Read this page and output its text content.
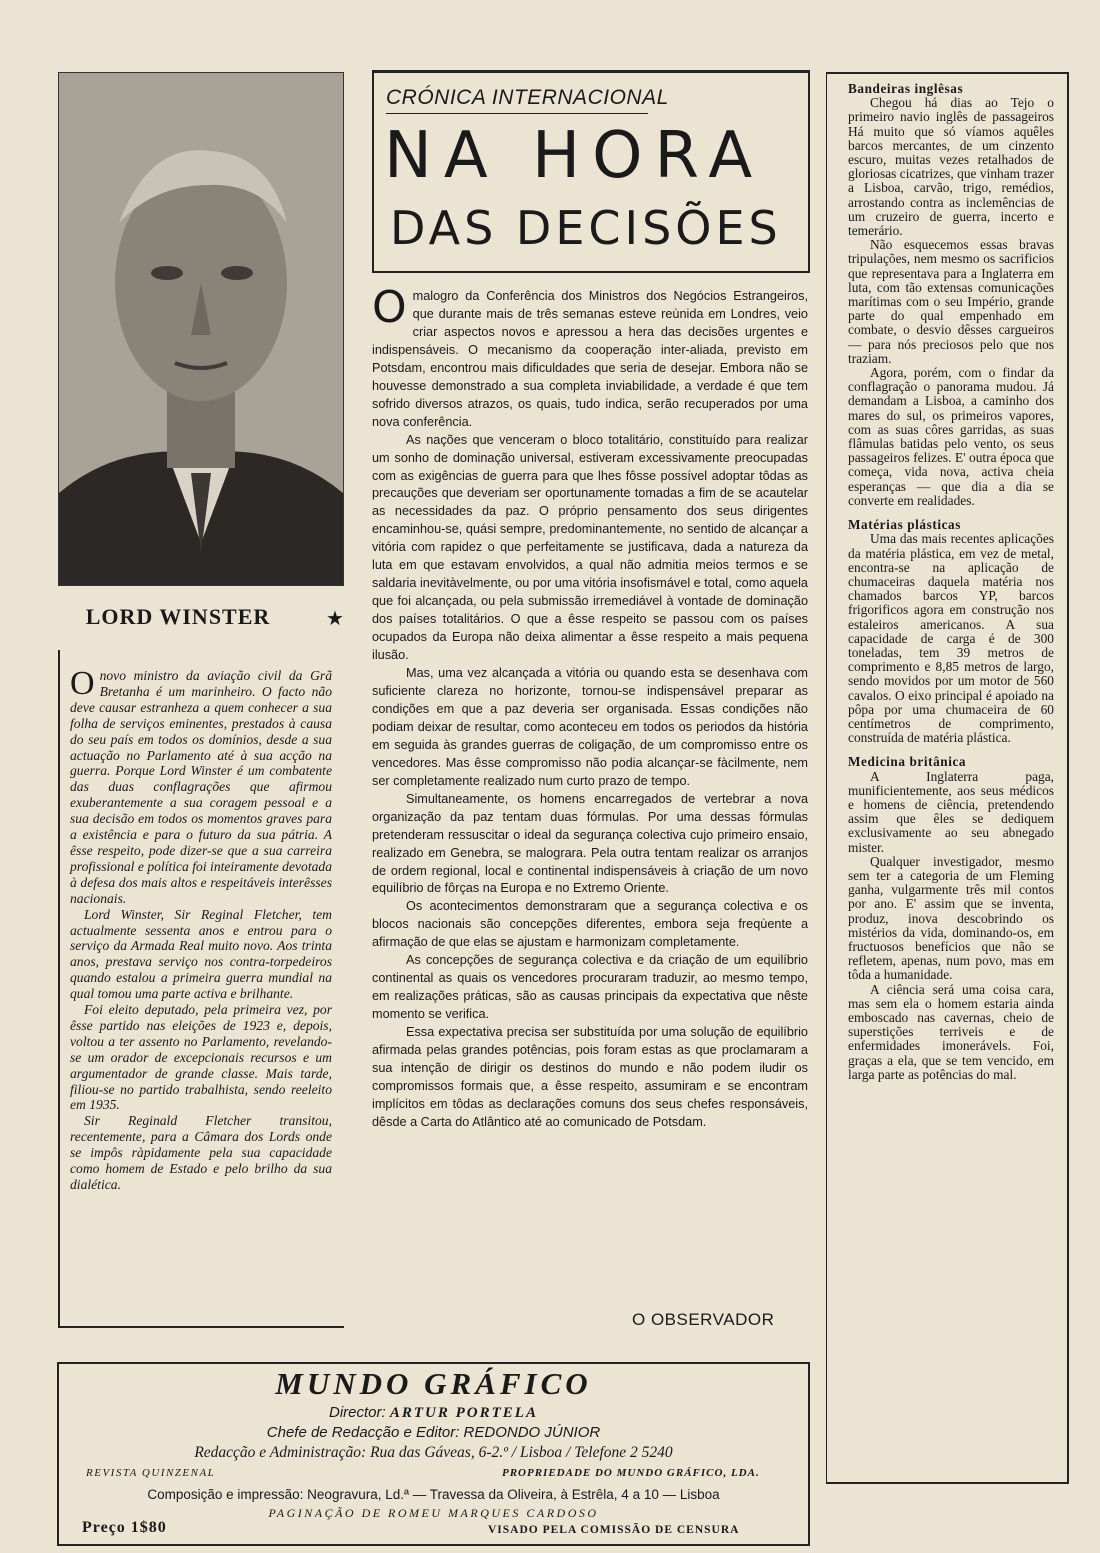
LORD WINSTER	★

Onovo ministro da aviação civil da Grã Bretanha é um marinheiro. O facto não deve causar estranheza a quem conhecer a sua folha de serviços eminentes, prestados à causa do seu país em todos os domínios, desde a sua actuação no Parlamento até à sua acção na guerra. Porque Lord Winster é um combatente das duas conflagrações que afirmou exuberantemente a sua coragem pessoal e a sua decisão em todos os momentos graves para a existência e para o futuro da sua pátria. A êsse respeito, pode dizer-se que a sua carreira profissional e política foi inteiramente devotada à defesa dos mais altos e respeitáveis interêsses nacionais.

Lord Winster, Sir Reginal Fletcher, tem actualmente sessenta anos e entrou para o serviço da Armada Real muito novo. Aos trinta anos, prestava serviço nos contra-torpedeiros quando estalou a primeira guerra mundial na qual tomou uma parte activa e brilhante.

Foi eleito deputado, pela primeira vez, por êsse partido nas eleições de 1923 e, depois, voltou a ter assento no Parlamento, revelando-se um orador de excepcionais recursos e um argumentador de grande classe. Mais tarde, filiou-se no partido trabalhista, sendo reeleito em 1935.

Sir Reginald Fletcher transitou, recentemente, para a Câmara dos Lords onde se impôs ràpidamente pela sua capacidade como homem de Estado e pelo brilho da sua dialética.

CRÓNICA INTERNACIONAL
NA HORA
DAS DECISÕES

Omalogro da Conferência dos Ministros dos Negócios Estrangeiros, que durante mais de três semanas esteve reùnida em Londres, veio criar aspectos novos e apressou a hera das decisões urgentes e indispensáveis. O mecanismo da cooperação inter-aliada, previsto em Potsdam, encontrou mais dificuldades que seria de desejar. Embora não se houvesse demonstrado a sua completa inviabilidade, a verdade é que tem sofrido diversos atrazos, os quais, tudo indica, serão recuperados por uma nova conferência.

As nações que venceram o bloco totalitário, constituído para realizar um sonho de dominação universal, estiveram excessivamente preocupadas com as exigências de guerra para que lhes fôsse possível adoptar tôdas as precauções que deveriam ser oportunamente tomadas a fim de se acautelar as necessidades da paz. O próprio pensamento dos seus dirigentes encaminhou-se, quási sempre, predominantemente, no sentido de alcançar a vitória com rapidez o que perfeitamente se justificava, dada a natureza da luta em que estavam envolvidos, a qual não admitia meios termos e se saldaria inevitàvelmente, ou por uma vitória insofismável e total, como aquela que foi alcançada, ou pela submissão irremediável à vontade de dominação dos países totalitários. O que a êsse respeito se passou com os países ocupados da Europa não deixa alimentar a êsse respeito a mais pequena ilusão.

Mas, uma vez alcançada a vitória ou quando esta se desenhava com suficiente clareza no horizonte, tornou-se indispensável preparar as condições em que a paz deveria ser organisada. Essas condições não podiam deixar de resultar, como aconteceu em todos os periodos da história em seguida às grandes guerras de coligação, de um compromisso entre os vencedores. Mas êsse compromisso não podia alcançar-se fàcilmente, nem ser completamente realizado num curto prazo de tempo.

Simultaneamente, os homens encarregados de vertebrar a nova organização da paz tentam duas fórmulas. Por uma dessas fórmulas pretenderam ressuscitar o ideal da segurança colectiva cujo primeiro ensaio, realizado em Genebra, se malograra. Pela outra tentam realizar os arranjos de ordem regional, local e continental indispensáveis à criação de um novo equilíbrio de fôrças na Europa e no Extremo Oriente.

Os acontecimentos demonstraram que a segurança colectiva e os blocos nacionais são concepções diferentes, embora seja freqùente a afirmação de que elas se ajustam e harmonizam completamente.

As concepções de segurança colectiva e da criação de um equilíbrio continental as quais os vencedores procuraram traduzir, ao mesmo tempo, em realizações práticas, são as causas principais da expectativa que nêste momento se verifica.

Essa expectativa precisa ser substituída por uma solução de equilíbrio afirmada pelas grandes potências, pois foram estas as que proclamaram a sua intenção de dirigir os destinos do mundo e não podem iludir os compromissos formais que, a êsse respeito, assumiram e se encontram implícitos em tôdas as declarações comuns dos seus chefes responsáveis, dêsde a Carta do Atlântico até ao comunicado de Potsdam.

O OBSERVADOR
Bandeiras inglêsas

Chegou há dias ao Tejo o primeiro navio inglês de passageiros Há muito que só víamos aquêles barcos mercantes, de um cinzento escuro, muitas vezes retalhados de gloriosas cicatrizes, que vinham trazer a Lisboa, carvão, trigo, remédios, arrostando contra as inclemências de um cruzeiro de guerra, incerto e temerário.

Não esquecemos essas bravas tripulações, nem mesmo os sacrificios que representava para a Inglaterra em luta, com tão extensas comunicações marítimas com o seu Império, grande parte do qual empenhado em combate, o desvio dêsses cargueiros — para nós preciosos pelo que nos traziam.

Agora, porém, com o findar da conflagração o panorama mudou. Já demandam a Lisboa, a caminho dos mares do sul, os primeiros vapores, com as suas côres garridas, as suas flâmulas batidas pelo vento, os seus passageiros felizes. E' outra época que começa, vida nova, activa cheia esperanças — que dia a dia se converte em realidades.

Matérias plásticas

Uma das mais recentes aplicações da matéria plástica, em vez de metal, encontra-se na aplicação de chumaceiras daquela matéria nos chamados barcos YP, barcos frigorificos agora em construção nos estaleiros americanos. A sua capacidade de carga é de 300 toneladas, tem 39 metros de comprimento e 8,85 metros de largo, sendo movidos por um motor de 560 cavalos. O eixo principal é apoiado na pôpa por uma chumaceira de 60 centímetros de comprimento, construída de matéria plástica.

Medicina britânica

A Inglaterra paga, munificientemente, aos seus médicos e homens de ciência, pretendendo assim que êles se dediquem exclusivamente ao seu abnegado mister.

Qualquer investigador, mesmo sem ter a categoria de um Fleming ganha, vulgarmente três mil contos por ano. E' assim que se inventa, produz, inova descobrindo os mistérios da vida, dominando-os, em fructuosos benefícios que não se refletem, apenas, num povo, mas em tôda a humanidade.

A ciência será uma coisa cara, mas sem ela o homem estaria ainda emboscado nas cavernas, cheio de superstições terriveis e de enfermidades imonerávels. Foi, graças a ela, que se tem vencido, em larga parte as potências do mal.

MUNDO GRÁFICO
Director: ARTUR PORTELA
Chefe de Redacção e Editor: REDONDO JÚNIOR
Redacção e Administração: Rua das Gáveas, 6-2.º / Lisboa / Telefone 2 5240
REVISTA QUINZENAL	PROPRIEDADE DO MUNDO GRÁFICO, LDA.
Composição e impressão: Neogravura, Ld.ª — Travessa da Oliveira, à Estrêla, 4 a 10 — Lisboa
PAGINAÇÃO DE ROMEU MARQUES CARDOSO
Preço 1$80	VISADO PELA COMISSÃO DE CENSURA
